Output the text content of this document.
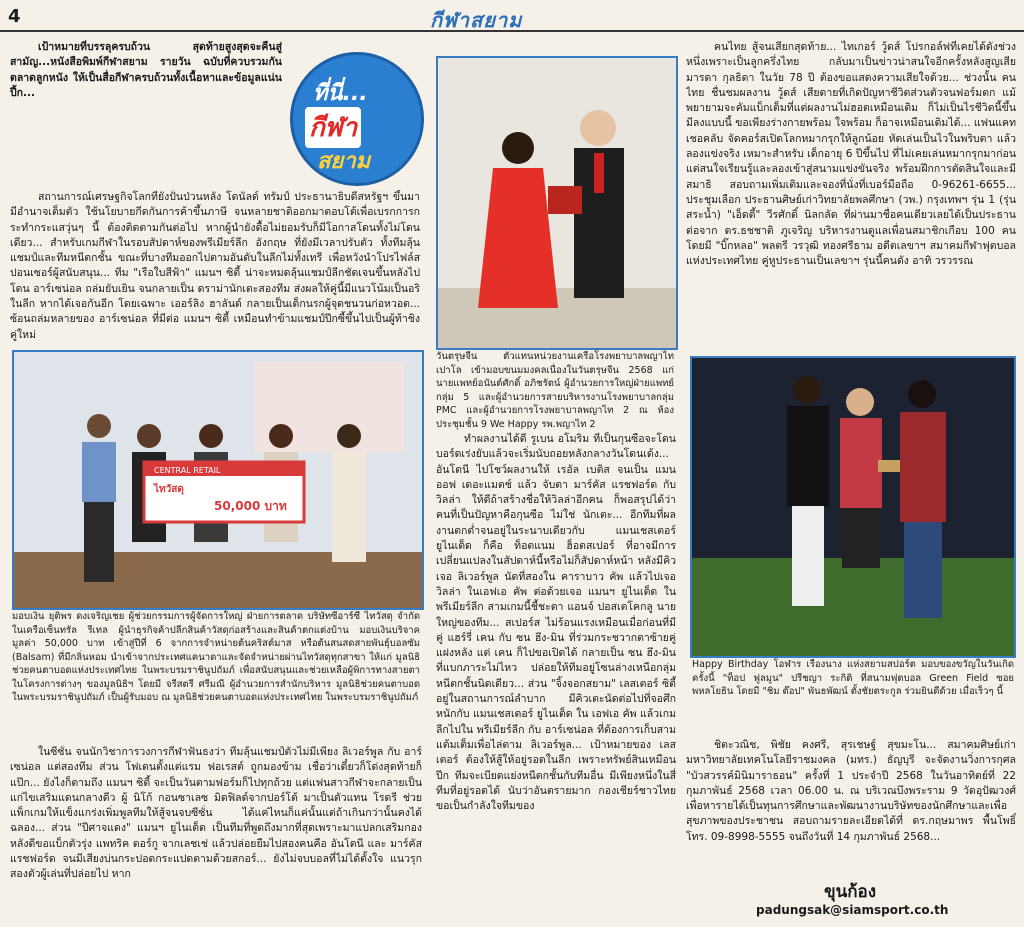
4	กีฬาสยาม

เป้าหมายที่บรรลุครบถ้วน สุดท้ายสูงสุดจะคืนสู่สามัญ...หนังสือพิมพ์กีฬาสยาม รายวัน ฉบับที่ควบรวมกัน ตลาดลูกหนัง ให้เป็นสื่อกีฬาครบถ้วนทั้งเนื้อหาและข้อมูลแน่นปึ้ก...	ที่นี่...
กีฬา
สยาม

สถานการณ์เศรษฐกิจโลกที่ยังปั่นป่วนหลัง โดนัลด์ ทรัมป์ ประธานาธิบดีสหรัฐฯ ขึ้นมามีอำนาจเต็มตัว ใช้นโยบายกีดกันการค้าขึ้นภาษี จนหลายชาติออกมาตอบโต้เพื่อเบรกการกระทำกระแสวุ่นๆ นี้ ต้องติดตามกันต่อไป หากผู้นำยังดื้อไม่ยอมรับก็มีโอกาสโดนทั้งไม่โดนเดียว... สำหรับเกมกีฬาในรอบสัปดาห์ของพรีเมียร์ลีก อังกฤษ ที่ยังมีเวลาปรับตัว ทั้งทีมลุ้นแชมป์และทีมหนีตกชั้น ขณะที่บางทีมออกไปตามอันดับในลีกไม่ทั้งเทรี เพื่อหวังนำโปรไฟล์สปอนเซอร์ผู้สนับสนุน... ทีม "เรือใบสีฟ้า" แมนฯ ซิตี้ น่าจะหมดลุ้นแชมป์ลีกชัดเจนขึ้นหลังไปโดน อาร์เซน่อล ถล่มยับเยิน จนกลายเป็น ดราม่านักเตะสองทีม ส่งผลให้คู่นี้มีแนวโน้มเป็นอริในลีก หากได้เจอกันอีก โดยเฉพาะ เออร์ลิง ฮาลันด์ กลายเป็นเด็กนรกผู้จุดชนวนก่อหวอด... ซ้อนถล่มหลายของ อาร์เซน่อล ที่มีต่อ แมนฯ ซิตี้ เหมือนทำข้ามแชมป์ปีกซี้ขึ้นไปเป็นผู้ท้าชิงคู่ใหม่

CENTRAL RETAIL
ไทวัสดุ
50,000 บาท
มอบเงิน ยุติพร ดงเจริญเชย ผู้ช่วยกรรมการผู้จัดการใหญ่ ฝ่ายการตลาด บริษัทซีอาร์ซี ไทวัสดุ จำกัด ในเครือเซ็นทรัล รีเทล ผู้นำธุรกิจค้าปลีกสินค้าวัสดุก่อสร้างและสินค้าตกแต่งบ้าน มอบเงินบริจาค มูลค่า 50,000 บาท เข้าสู่ปีที่ 6 จากการจำหน่ายต้นคริสต์มาส หรือต้นสนสดสายพันธุ์บอลซัม (Balsam) ที่มีกลิ่นหอม นำเข้าจากประเทศแคนาดาและจัดจำหน่ายผ่านไทวัสดุทุกสาขา ให้แก่ มูลนิธิช่วยคนตาบอดแห่งประเทศไทย ในพระบรมราชินูปถัมภ์ เพื่อสนับสนุนและช่วยเหลือผู้พิการทางสายตาในโครงการต่างๆ ของมูลนิธิฯ โดยมี จรีสตรี ศรีมณี ผู้อำนวยการสำนักบริหาร มูลนิธิช่วยคนตาบอด ในพระบรมราชินูปถัมภ์ เป็นผู้รับมอบ ณ มูลนิธิช่วยคนตาบอดแห่งประเทศไทย ในพระบรมราชินูปถัมภ์

ในซีซั่น จนนักวิชาการวงการกีฬาฟันธงว่า ทีมลุ้นแชมป์ตัวไม่มีเพียง ลิเวอร์พูล กับ อาร์เซน่อล แต่สองทีม ส่วน โฟเดนตั้งแต่แรม ฟอเรสต์ ถูกมองข้าม เชื่อว่าเดี๋ยวก็โด่งสุดท้ายก็แป๊ก... ยังไงก็ตามถึง แมนฯ ซิตี้ จะเป็นวันตามฟอร์มก็ไปทุกถ้วย แต่แฟนสาวกีฬาจะกลายเป็นแก่ไขเสริมแดนกลางดีว ผู้ นิโก้ กอนซาเลซ มิดฟิลด์จากปอร์โต้ มาเป็นตัวแทน โรดรี ช่วยแพ็กเกมให้แข็งแกร่งเพิ่มพูลทีมให้สู้จนจบซีซั่น ได้แค่ไหนก็แค่นั้นแต่ถ้าเกินกว่านั้นคงได้ฉลอง... ส่วน "ปีศาจแดง" แมนฯ ยูไนเต็ด เป็นทีมที่พูดถึงมากที่สุดเพราะมาแปลกเสริมกองหลังดีขอแบ็กตัวรุ่ง แพทริค ดอร์กู จากเลชเช่ แล้วปล่อยยืมไปสองคนคือ อันโตนี และ มาร์คัส แรชฟอร์ด จนมีเสียงบ่นกระปอดกระแปดตามด้วยสกอร์... ยังไม่จบบอลที่ไม่ได้ตั้งใจ แนวรุกสองตัวผู้เล่นที่ปล่อยไป หาก

วันตรุษจีน ตัวแทนหน่วยงานเครือโรงพยาบาลพญาไทเปาโล เข้ามอบขนมมงคลเนื่องในวันตรุษจีน 2568 แก่ นายแพทย์อนันต์ศักดิ์ อภิชรัตน์ ผู้อำนวยการใหญ่ฝ่ายแพทย์กลุ่ม 5 และผู้อำนวยการสายบริหารงานโรงพยาบาลกลุ่ม PMC และผู้อำนวยการโรงพยาบาลพญาไท 2 ณ ห้องประชุมชั้น 9 We Happy รพ.พญาไท 2

ทำผลงานได้ดี รูเบน อโมริม ที่เป็นกุนซือจะโดนบอร์ดเร่งยับแล้วจะเริ่มนับถอยหลังกลางวันโดนเด้ง... อันโตนี ไปโชว์ผลงานให้ เรอัล เบติส จนเป็น แมน ออฟ เดอะแมตช์ แล้ว จับตา มาร์คัส แรชฟอร์ด กับวิลล่า ให้ดีถ้าสร้างชื่อให้วิลล่าอีกคน ก็พอสรุปได้ว่า คนที่เป็นปัญหาคือกุนซือ ไม่ใช่ นักเตะ... อีกทีมที่ผลงานตกต่ำจนอยู่ในระนาบเดียวกับ แมนเชสเตอร์ ยูไนเต็ด ก็คือ ท็อตแนม ฮ็อตสเปอร์ ที่อาจมีการเปลี่ยนแปลงในสัปดาห์นี้หรือไม่ก็สัปดาห์หน้า หลังมีคิวเจอ ลิเวอร์พูล นัดที่สองใน คาราบาว คัพ แล้วไปเจอ วิลล่า ในเอฟเอ คัพ ต่อด้วยเจอ แมนฯ ยูไนเต็ด ในพรีเมียร์ลีก สามเกมนี้ชี้ชะตา แอนจ์ ปอสเตโคกลู นายใหญ่ของทีม... สเปอร์ส ไม่ร้อนแรงเหมือนเมื่อก่อนที่มีคู่ แฮร์รี่ เคน กับ ซน ฮึง-มิน ที่ร่วมกระชวากตาซ้ายคู่แฝงหลัง แต่ เคน ก็ไปขอเปิดได้ กลายเป็น ซน ฮึง-มิน ที่แบกภาระไม่ไหว ปล่อยให้ทีมอยู่โซนล่างเหนือกลุ่มหนีตกชั้นนิดเดียว... ส่วน "จิ้งจอกสยาม" เลสเตอร์ ซิตี้ อยู่ในสถานการณ์ลำบาก มีคิวเตะนัดต่อไปที่จอศึกหนักกับ แมนเชสเตอร์ ยูไนเต็ด ใน เอฟเอ คัพ แล้วเกมลีกไปใน พรีเมียร์ลีก กับ อาร์เซน่อล ที่ต้องการเก็บสามแต้มเต็มเพื่อไล่ตาม ลิเวอร์พูล... เป้าหมายของ เลสเตอร์ ต้องให้สู้ให้อยู่รอดในลีก เพราะทรัพย์สินเหมือนปีก ทีมจะเบียดแย่งหนีตกชั้นกับทีมอื่น มีเพียงหนึ่งในสี่ทีมที่อยู่รอดได้ นับว่าอันตรายมาก กองเชียร์ชาวไทย ขอเป็นกำลังใจทีมของ

คนไทย สู้จนเสียกสุดท้าย... ไทเกอร์ วู้ดส์ โปรกอล์ฟที่เคยได้ดังช่วงหนึ่งเพราะเป็นลูกครึ่งไทย กลับมาเป็นข่าวน่าสนใจอีกครั้งหลังสูญเสียมารดา กุลธิดา ในวัย 78 ปี ต้องขอแสดงความเสียใจด้วย... ช่วงนั้น คนไทย ชื่นชมผลงาน วู้ดส์ เสียดายที่เกิดปัญหาชีวิตส่วนตัวจนฟอร์มตก แม้พยายามจะคัมแบ็กเต็มที่แต่ผลงานไม่ฮอตเหมือนเดิม ก็ไม่เป็นไรชีวิตนี้ขึ้นมีลงแบบนี้ ขอเพียงร่างกายพร้อม ใจพร้อม ก็อาจเหมือนเดิมได้... แฟนแคทเชอคลับ จัดคอร์สเปิดโลกหมากรุกให้ลูกน้อย หัดเล่นเป็นไวในพริบตา แล้วลองแข่งจริง เหมาะสำหรับ เด็กอายุ 6 ปีขึ้นไป ที่ไม่เคยเล่นหมากรุกมาก่อน แต่สนใจเรียนรู้และลองเข้าสู่สนามแข่งขันจริง พร้อมฝึกการตัดสินใจและมีสมาธิ สอบถามเพิ่มเติมและจองที่นั่งที่เบอร์มือถือ 0-96261-6655... ประชุมเลือก ประธานศิษย์เก่าวิทยาลัยพลศึกษา (วพ.) กรุงเทพฯ รุ่น 1 (รุ่นสระน้ำ) "เอ็ดดี้" วีรศักดิ์ นิลกลัด ที่ผ่านมาชื่อคนเดียวเลยได้เป็นประธานต่อจาก ดร.ธชชาติ ภูเจริญ บริหารงานดูแลเพื่อนสมาชิกเกือบ 100 คน โดยมี "บิ๊กหลอ" พลตรี วรวุฒิ ทองศรีธาม อดีตเลขาฯ สมาคมกีฬาฟุตบอลแห่งประเทศไทย คู่หูประธานเป็นเลขาฯ รุ่นนี้คนดัง อาทิ วรวรรณ

Happy Birthday โอฬาร เรืองนาง แห่งสยามสปอร์ต มอบของขวัญในวันเกิดครั้งนี้ "ท็อป ฟูลมูน" ปรีชญา ระกิติ ที่สนามฟุตบอล Green Field ซอยพหลโยธิน โดยมี "ชิม ต๊อป" พันธพัฒน์ ตั้งชัยตระกูล ร่วมยินดีด้วย เมื่อเร็วๆ นี้

ชิตะวณิช, พิชัย คงศรี, สุรเชษฐ์ สุขมะโน... สมาคมศิษย์เก่ามหาวิทยาลัยเทคโนโลยีราชมงคล (มทร.) ธัญบุรี จะจัดงานวิ่งการกุศล "บัวสวรรค์มินิมาราธอน" ครั้งที่ 1 ประจำปี 2568 ในวันอาทิตย์ที่ 22 กุมภาพันธ์ 2568 เวลา 06.00 น. ณ บริเวณบึงพระราม 9 วัดอุปัฒวงศ์ เพื่อหารายได้เป็นทุนการศึกษาและพัฒนางานบริษัทของนักศึกษาและเพื่อสุขภาพของประชาชน สอบถามรายละเอียดได้ที่ ดร.กฤษมาพร พื้นโพธิ์ โทร. 09-8998-5555 จนถึงวันที่ 14 กุมภาพันธ์ 2568...

ขุนก้อง
padungsak@siamsport.co.th
